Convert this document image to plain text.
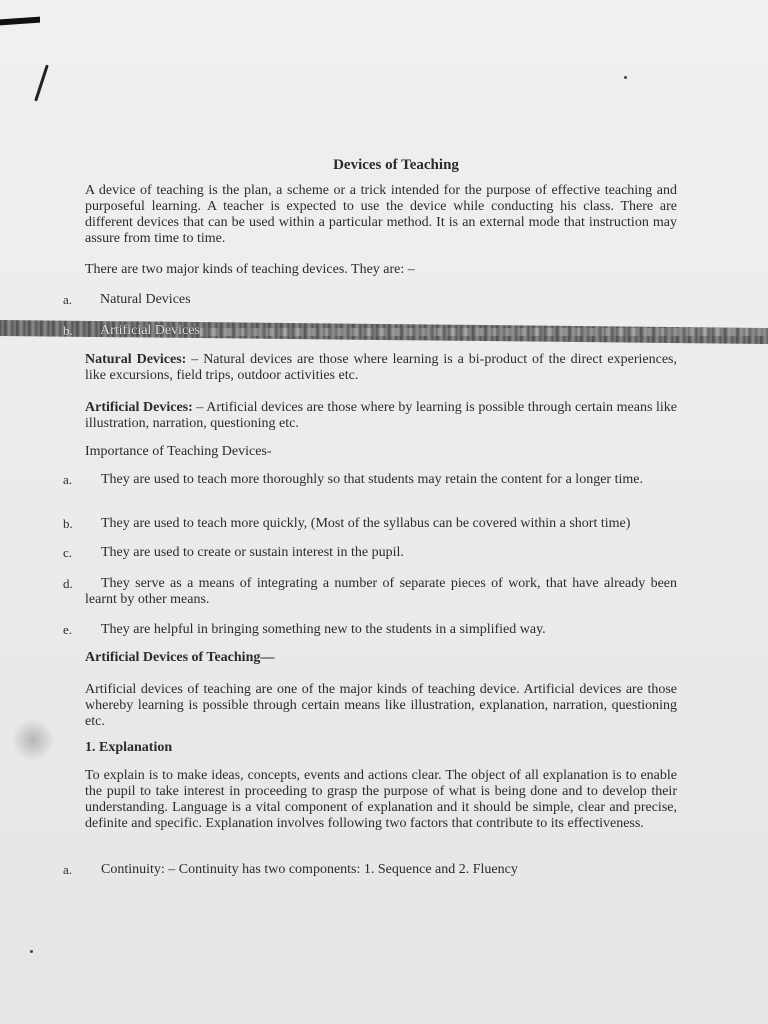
Devices of Teaching
A device of teaching is the plan, a scheme or a trick intended for the purpose of effective teaching and purposeful learning. A teacher is expected to use the device while conducting his class. There are different devices that can be used within a particular method. It is an external mode that instruction may assure from time to time.
There are two major kinds of teaching devices. They are: –
a. Natural Devices
b. Artificial Devices
Natural Devices: – Natural devices are those where learning is a bi-product of the direct experiences, like excursions, field trips, outdoor activities etc.
Artificial Devices: – Artificial devices are those where by learning is possible through certain means like illustration, narration, questioning etc.
Importance of Teaching Devices-
a.	They are used to teach more thoroughly so that students may retain the content for a longer time.
b.	They are used to teach more quickly, (Most of the syllabus can be covered within a short time)
c.	They are used to create or sustain interest in the pupil.
d.	They serve as a means of integrating a number of separate pieces of work, that have already been learnt by other means.
e.	They are helpful in bringing something new to the students in a simplified way.
Artificial Devices of Teaching—
Artificial devices of teaching are one of the major kinds of teaching device. Artificial devices are those whereby learning is possible through certain means like illustration, explanation, narration, questioning etc.
1. Explanation
To explain is to make ideas, concepts, events and actions clear. The object of all explanation is to enable the pupil to take interest in proceeding to grasp the purpose of what is being done and to develop their understanding. Language is a vital component of explanation and it should be simple, clear and precise, definite and specific. Explanation involves following two factors that contribute to its effectiveness.
a. Continuity: – Continuity has two components: 1. Sequence and 2. Fluency
